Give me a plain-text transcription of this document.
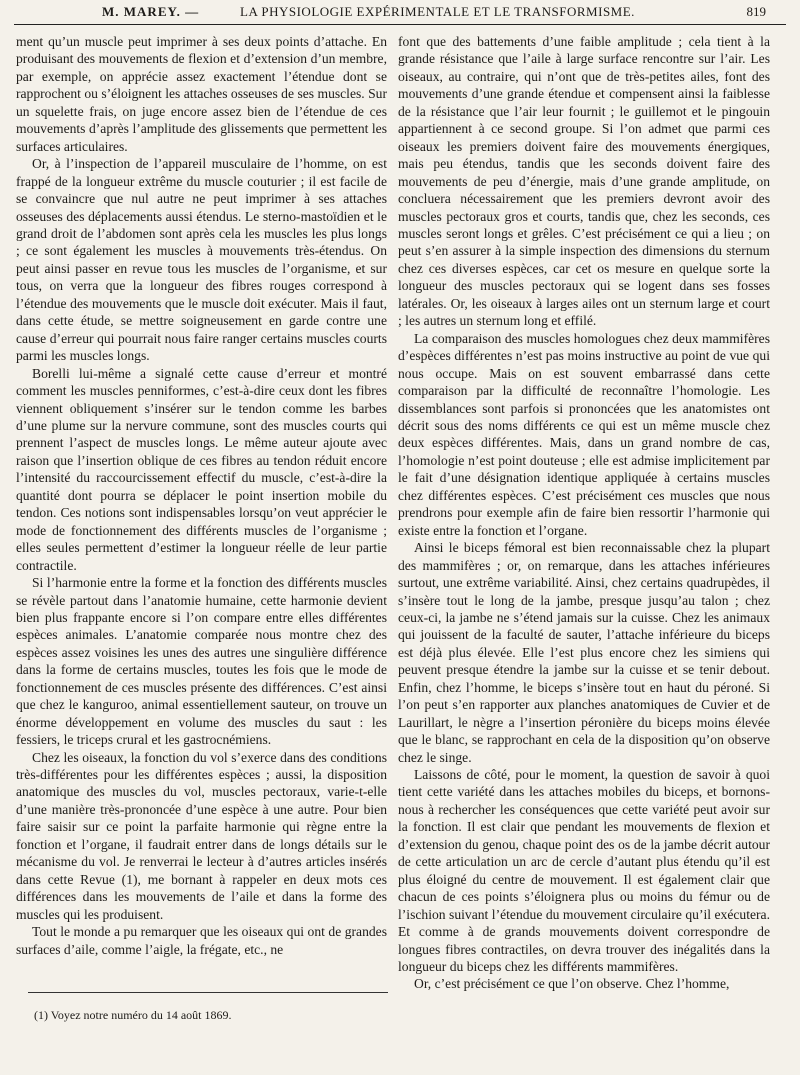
M. MAREY. —	LA PHYSIOLOGIE EXPÉRIMENTALE ET LE TRANSFORMISME.	819

ment qu’un muscle peut imprimer à ses deux points d’attache. En produisant des mouvements de flexion et d’extension d’un membre, par exemple, on apprécie assez exactement l’étendue dont se rapprochent ou s’éloignent les attaches osseuses de ses muscles. Sur un squelette frais, on juge encore assez bien de l’étendue de ces mouvements d’après l’amplitude des glissements que permettent les surfaces articulaires.

Or, à l’inspection de l’appareil musculaire de l’homme, on est frappé de la longueur extrême du muscle couturier ; il est facile de se convaincre que nul autre ne peut imprimer à ses attaches osseuses des déplacements aussi étendus. Le sterno-mastoïdien et le grand droit de l’abdomen sont après cela les muscles les plus longs ; ce sont également les muscles à mouvements très-étendus. On peut ainsi passer en revue tous les muscles de l’organisme, et sur tous, on verra que la longueur des fibres rouges correspond à l’étendue des mouvements que le muscle doit exécuter. Mais il faut, dans cette étude, se mettre soigneusement en garde contre une cause d’erreur qui pourrait nous faire ranger certains muscles courts parmi les muscles longs.

Borelli lui-même a signalé cette cause d’erreur et montré comment les muscles penniformes, c’est-à-dire ceux dont les fibres viennent obliquement s’insérer sur le tendon comme les barbes d’une plume sur la nervure commune, sont des muscles courts qui prennent l’aspect de muscles longs. Le même auteur ajoute avec raison que l’insertion oblique de ces fibres au tendon réduit encore l’intensité du raccourcissement effectif du muscle, c’est-à-dire la quantité dont pourra se déplacer le point insertion mobile du tendon. Ces notions sont indispensables lorsqu’on veut apprécier le mode de fonctionnement des différents muscles de l’organisme ; elles seules permettent d’estimer la longueur réelle de leur partie contractile.

Si l’harmonie entre la forme et la fonction des différents muscles se révèle partout dans l’anatomie humaine, cette harmonie devient bien plus frappante encore si l’on compare entre elles différentes espèces animales. L’anatomie comparée nous montre chez des espèces assez voisines les unes des autres une singulière différence dans la forme de certains muscles, toutes les fois que le mode de fonctionnement de ces muscles présente des différences. C’est ainsi que chez le kanguroo, animal essentiellement sauteur, on trouve un énorme développement en volume des muscles du saut : les fessiers, le triceps crural et les gastrocnémiens.

Chez les oiseaux, la fonction du vol s’exerce dans des conditions très-différentes pour les différentes espèces ; aussi, la disposition anatomique des muscles du vol, muscles pectoraux, varie-t-elle d’une manière très-prononcée d’une espèce à une autre. Pour bien faire saisir sur ce point la parfaite harmonie qui règne entre la fonction et l’organe, il faudrait entrer dans de longs détails sur le mécanisme du vol. Je renverrai le lecteur à d’autres articles insérés dans cette Revue (1), me bornant à rappeler en deux mots ces différences dans les mouvements de l’aile et dans la forme des muscles qui les produisent.

Tout le monde a pu remarquer que les oiseaux qui ont de grandes surfaces d’aile, comme l’aigle, la frégate, etc., ne

font que des battements d’une faible amplitude ; cela tient à la grande résistance que l’aile à large surface rencontre sur l’air. Les oiseaux, au contraire, qui n’ont que de très-petites ailes, font des mouvements d’une grande étendue et compensent ainsi la faiblesse de la résistance que l’air leur fournit ; le guillemot et le pingouin appartiennent à ce second groupe. Si l’on admet que parmi ces oiseaux les premiers doivent faire des mouvements énergiques, mais peu étendus, tandis que les seconds doivent faire des mouvements de peu d’énergie, mais d’une grande amplitude, on concluera nécessairement que les premiers devront avoir des muscles pectoraux gros et courts, tandis que, chez les seconds, ces muscles seront longs et grêles. C’est précisément ce qui a lieu ; on peut s’en assurer à la simple inspection des dimensions du sternum chez ces diverses espèces, car cet os mesure en quelque sorte la longueur des muscles pectoraux qui se logent dans ses fosses latérales. Or, les oiseaux à larges ailes ont un sternum large et court ; les autres un sternum long et effilé.

La comparaison des muscles homologues chez deux mammifères d’espèces différentes n’est pas moins instructive au point de vue qui nous occupe. Mais on est souvent embarrassé dans cette comparaison par la difficulté de reconnaître l’homologie. Les dissemblances sont parfois si prononcées que les anatomistes ont décrit sous des noms différents ce qui est un même muscle chez deux espèces différentes. Mais, dans un grand nombre de cas, l’homologie n’est point douteuse ; elle est admise implicitement par le fait d’une désignation identique appliquée à certains muscles chez différentes espèces. C’est précisément ces muscles que nous prendrons pour exemple afin de faire bien ressortir l’harmonie qui existe entre la fonction et l’organe.

Ainsi le biceps fémoral est bien reconnaissable chez la plupart des mammifères ; or, on remarque, dans les attaches inférieures surtout, une extrême variabilité. Ainsi, chez certains quadrupèdes, il s’insère tout le long de la jambe, presque jusqu’au talon ; chez ceux-ci, la jambe ne s’étend jamais sur la cuisse. Chez les animaux qui jouissent de la faculté de sauter, l’attache inférieure du biceps est déjà plus élevée. Elle l’est plus encore chez les simiens qui peuvent presque étendre la jambe sur la cuisse et se tenir debout. Enfin, chez l’homme, le biceps s’insère tout en haut du péroné. Si l’on peut s’en rapporter aux planches anatomiques de Cuvier et de Laurillart, le nègre a l’insertion péronière du biceps moins élevée que le blanc, se rapprochant en cela de la disposition qu’on observe chez le singe.

Laissons de côté, pour le moment, la question de savoir à quoi tient cette variété dans les attaches mobiles du biceps, et bornons-nous à rechercher les conséquences que cette variété peut avoir sur la fonction. Il est clair que pendant les mouvements de flexion et d’extension du genou, chaque point des os de la jambe décrit autour de cette articulation un arc de cercle d’autant plus étendu qu’il est plus éloigné du centre de mouvement. Il est également clair que chacun de ces points s’éloignera plus ou moins du fémur ou de l’ischion suivant l’étendue du mouvement circulaire qu’il exécutera. Et comme à de grands mouvements doivent correspondre de longues fibres contractiles, on devra trouver des inégalités dans la longueur du biceps chez les différents mammifères.

Or, c’est précisément ce que l’on observe. Chez l’homme,

(1) Voyez notre numéro du 14 août 1869.
